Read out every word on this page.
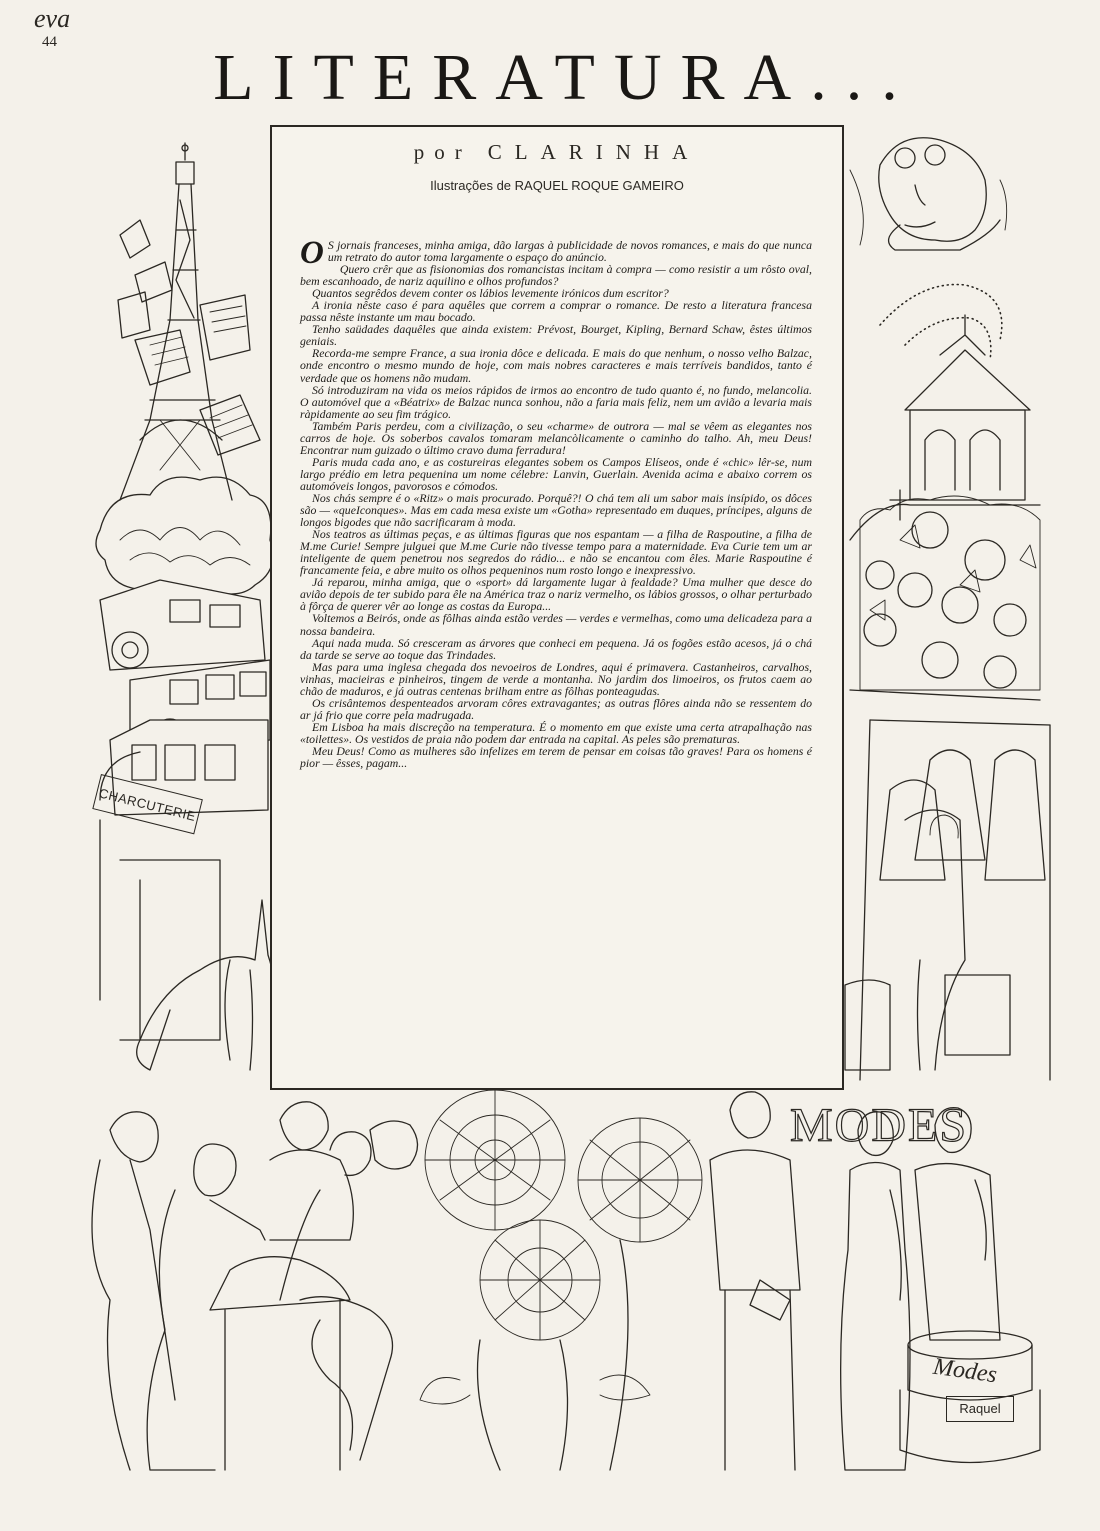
eva
44	LITERATURA...
CHARCUTERIE
MODES
Modes
Raquel
por CLARINHA
Ilustrações de RAQUEL ROQUE GAMEIRO

O S jornais franceses, minha amiga, dão largas à publicidade de novos romances, e mais do que nunca um retrato do autor toma largamente o espaço do anúncio.

Quero crêr que as fisionomias dos romancistas incitam à compra — como resistir a um rôsto oval, bem escanhoado, de nariz aquilino e olhos profundos?

Quantos segrêdos devem conter os lábios levemente irónicos dum escritor?

A ironia nêste caso é para aquêles que correm a comprar o romance. De resto a literatura francesa passa nêste instante um mau bocado.

Tenho saüdades daquêles que ainda existem: Prévost, Bourget, Kipling, Bernard Schaw, êstes últimos geniais.

Recorda-me sempre France, a sua ironia dôce e delicada. E mais do que nenhum, o nosso velho Balzac, onde encontro o mesmo mundo de hoje, com mais nobres caracteres e mais terríveis bandidos, tanto é verdade que os homens não mudam.

Só introduziram na vida os meios rápidos de irmos ao encontro de tudo quanto é, no fundo, melancolia. O automóvel que a «Béatrix» de Balzac nunca sonhou, não a faria mais feliz, nem um avião a levaria mais ràpidamente ao seu fim trágico.

Também Paris perdeu, com a civilização, o seu «charme» de outrora — mal se vêem as elegantes nos carros de hoje. Os soberbos cavalos tomaram melancòlicamente o caminho do talho. Ah, meu Deus! Encontrar num guizado o último cravo duma ferradura!

Paris muda cada ano, e as costureiras elegantes sobem os Campos Elíseos, onde é «chic» lêr-se, num largo prédio em letra pequenina um nome célebre: Lanvin, Guerlain. Avenida acima e abaixo correm os automóveis longos, pavorosos e cómodos.

Nos chás sempre é o «Ritz» o mais procurado. Porquê?! O chá tem ali um sabor mais insípido, os dôces são — «queIconques». Mas em cada mesa existe um «Gotha» representado em duques, príncipes, alguns de longos bigodes que não sacrificaram à moda.

Nos teatros as últimas peças, e as últimas figuras que nos espantam — a filha de Raspoutine, a filha de M.me Curie! Sempre julguei que M.me Curie não tivesse tempo para a maternidade. Eva Curie tem um ar inteligente de quem penetrou nos segredos do rádio... e não se encantou com êles. Marie Raspoutine é francamente feia, e abre muito os olhos pequeninos num rosto longo e inexpressivo.

Já reparou, minha amiga, que o «sport» dá largamente lugar à fealdade? Uma mulher que desce do avião depois de ter subido para êle na América traz o nariz vermelho, os lábios grossos, o olhar perturbado à fôrça de querer vêr ao longe as costas da Europa...

Voltemos a Beirós, onde as fôlhas ainda estão verdes — verdes e vermelhas, como uma delicadeza para a nossa bandeira.

Aqui nada muda. Só cresceram as árvores que conheci em pequena. Já os fogões estão acesos, já o chá da tarde se serve ao toque das Trindades.

Mas para uma inglesa chegada dos nevoeiros de Londres, aqui é primavera. Castanheiros, carvalhos, vinhas, macieiras e pinheiros, tingem de verde a montanha. No jardim dos limoeiros, os frutos caem ao chão de maduros, e já outras centenas brilham entre as fôlhas ponteagudas.

Os crisântemos despenteados arvoram côres extravagantes; as outras flôres ainda não se ressentem do ar já frio que corre pela madrugada.

Em Lisboa ha mais discreção na temperatura. É o momento em que existe uma certa atrapalhação nas «toilettes». Os vestidos de praia não podem dar entrada na capital. As peles são prematuras.

Meu Deus! Como as mulheres são infelizes em terem de pensar em coisas tão graves! Para os homens é pior — êsses, pagam...
